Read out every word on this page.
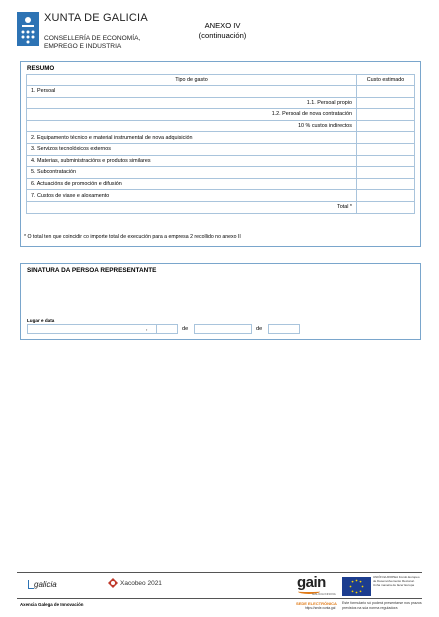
XUNTA DE GALICIA
CONSELLERÍA DE ECONOMÍA,
EMPREGO E INDUSTRIA
ANEXO IV
(continuación)
RESUMO
Tipo de gasto	Custo estimado
1. Persoal	
1.1. Persoal propio	
1.2. Persoal de nova contratación	
10 % custos indirectos	
2. Equipamento técnico e material instrumental de nova adquisición	
3. Servizos tecnolóxicos externos	
4. Materias, subministracións e produtos similares	
5. Subcontratación	
6. Actuacións de promoción e difusión	
7. Custos de viaxe e aloxamento	
Total *	
* O total ten que coincidir co importe total de execución para a empresa 2 recollido no anexo II
SINATURA DA PERSOA REPRESENTANTE
Lugar e data
,	de	de
galicia	Xacobeo 2021	gain
GALICIA INNOVA
UNIÓN EUROPEA Fondo Europeo de Desenvolvemento Rexional. Unha maneira de facer Europa
Axencia Galega de Innovación	SEDE ELECTRÓNICA
https://sede.xunta.gal
Este formulario só poderá presentarse nos prazos previstos na súa norma reguladora
